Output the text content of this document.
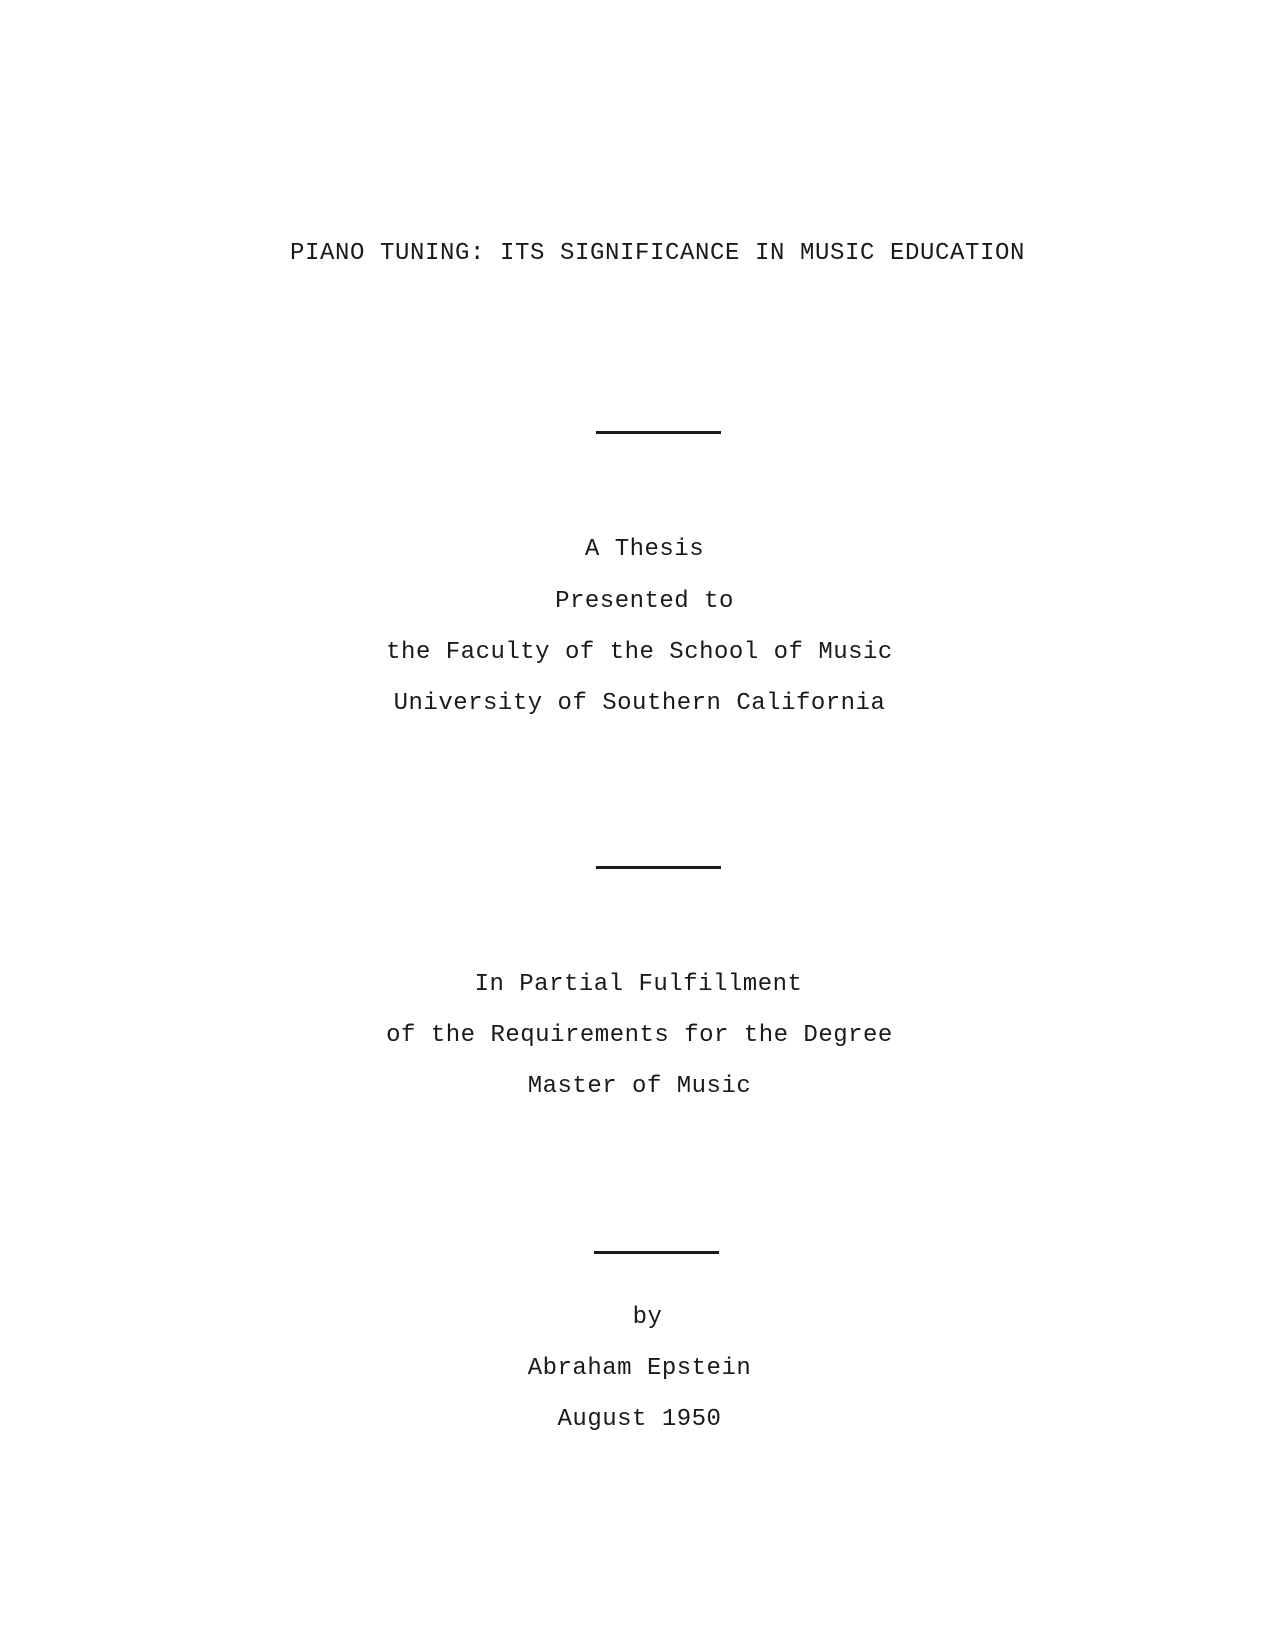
PIANO TUNING: ITS SIGNIFICANCE IN MUSIC EDUCATION
A Thesis
Presented to
the Faculty of the School of Music
University of Southern California
In Partial Fulfillment
of the Requirements for the Degree
Master of Music
by
Abraham Epstein
August 1950
